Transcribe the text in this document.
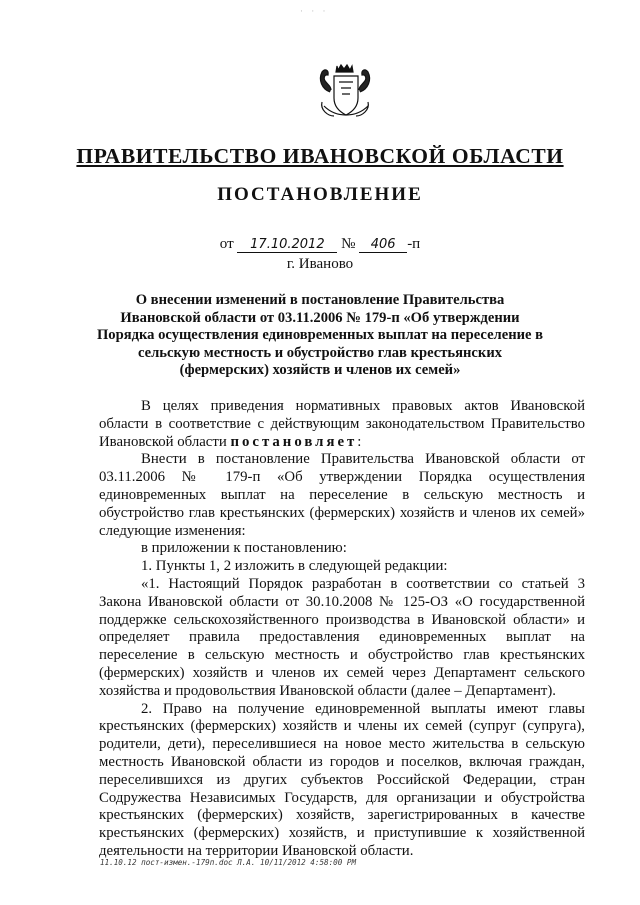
· · ·
ПРАВИТЕЛЬСТВО ИВАНОВСКОЙ ОБЛАСТИ
ПОСТАНОВЛЕНИЕ
от 17.10.2012 № 406 -п
г. Иваново
О внесении изменений в постановление Правительства Ивановской области от 03.11.2006 № 179-п «Об утверждении Порядка осуществления единовременных выплат на переселение в сельскую местность и обустройство глав крестьянских (фермерских) хозяйств и членов их семей»

В целях приведения нормативных правовых актов Ивановской области в соответствие с действующим законодательством Правительство Ивановской области постановляет:

Внести в постановление Правительства Ивановской области от 03.11.2006 № 179-п «Об утверждении Порядка осуществления единовременных выплат на переселение в сельскую местность и обустройство глав крестьянских (фермерских) хозяйств и членов их семей» следующие изменения:

в приложении к постановлению:

1. Пункты 1, 2 изложить в следующей редакции:

«1. Настоящий Порядок разработан в соответствии со статьей 3 Закона Ивановской области от 30.10.2008 № 125-ОЗ «О государственной поддержке сельскохозяйственного производства в Ивановской области» и определяет правила предоставления единовременных выплат на переселение в сельскую местность и обустройство глав крестьянских (фермерских) хозяйств и членов их семей через Департамент сельского хозяйства и продовольствия Ивановской области (далее – Департамент).

2. Право на получение единовременной выплаты имеют главы крестьянских (фермерских) хозяйств и члены их семей (супруг (супруга), родители, дети), переселившиеся на новое место жительства в сельскую местность Ивановской области из городов и поселков, включая граждан, переселившихся из других субъектов Российской Федерации, стран Содружества Независимых Государств, для организации и обустройства крестьянских (фермерских) хозяйств, зарегистрированных в качестве крестьянских (фермерских) хозяйств, и приступившие к хозяйственной деятельности на территории Ивановской области.

11.10.12 пост-измен.-179п.doc Л.А. 10/11/2012 4:58:00 PM
